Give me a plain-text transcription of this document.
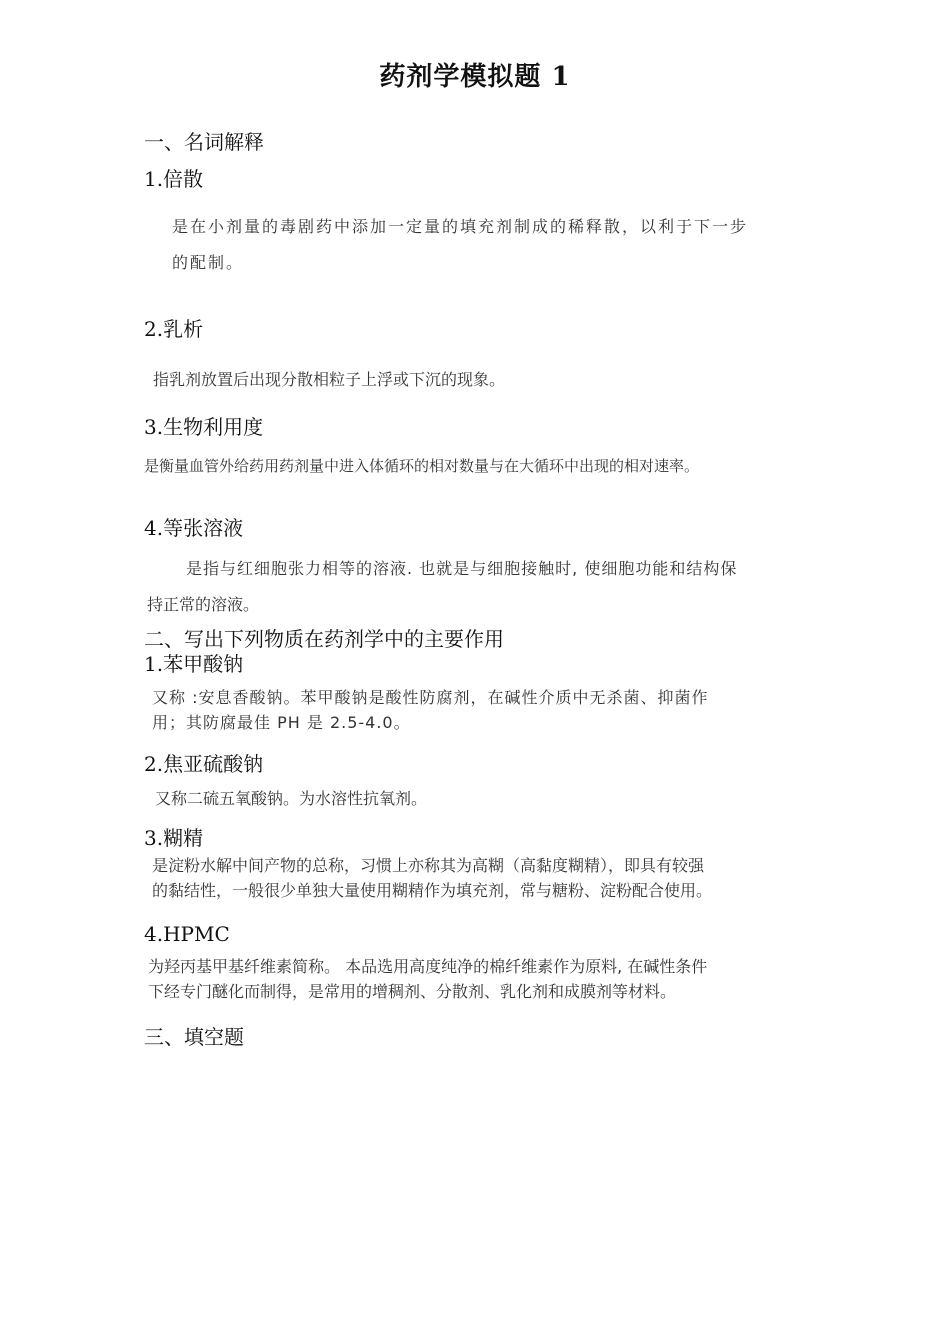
药剂学模拟题 1
一、名词解释
1.倍散
是在小剂量的毒剧药中添加一定量的填充剂制成的稀释散，以利于下一步
的配制。
2.乳析
指乳剂放置后出现分散相粒子上浮或下沉的现象。
3.生物利用度
是衡量血管外给药用药剂量中进入体循环的相对数量与在大循环中出现的相对速率。
4.等张溶液
是指与红细胞张力相等的溶液. 也就是与细胞接触时, 使细胞功能和结构保
持正常的溶液。
二、写出下列物质在药剂学中的主要作用
1.苯甲酸钠
又称 :安息香酸钠。苯甲酸钠是酸性防腐剂，在碱性介质中无杀菌、抑菌作
用；其防腐最佳 PH 是 2.5-4.0。
2.焦亚硫酸钠
又称二硫五氧酸钠。为水溶性抗氧剂。
3.糊精
是淀粉水解中间产物的总称，习惯上亦称其为高糊（高黏度糊精），即具有较强
的黏结性，一般很少单独大量使用糊精作为填充剂，常与糖粉、淀粉配合使用。
4.HPMC
为羟丙基甲基纤维素简称。 本品选用高度纯净的棉纤维素作为原料, 在碱性条件
下经专门醚化而制得，是常用的增稠剂、分散剂、乳化剂和成膜剂等材料。
三、填空题
